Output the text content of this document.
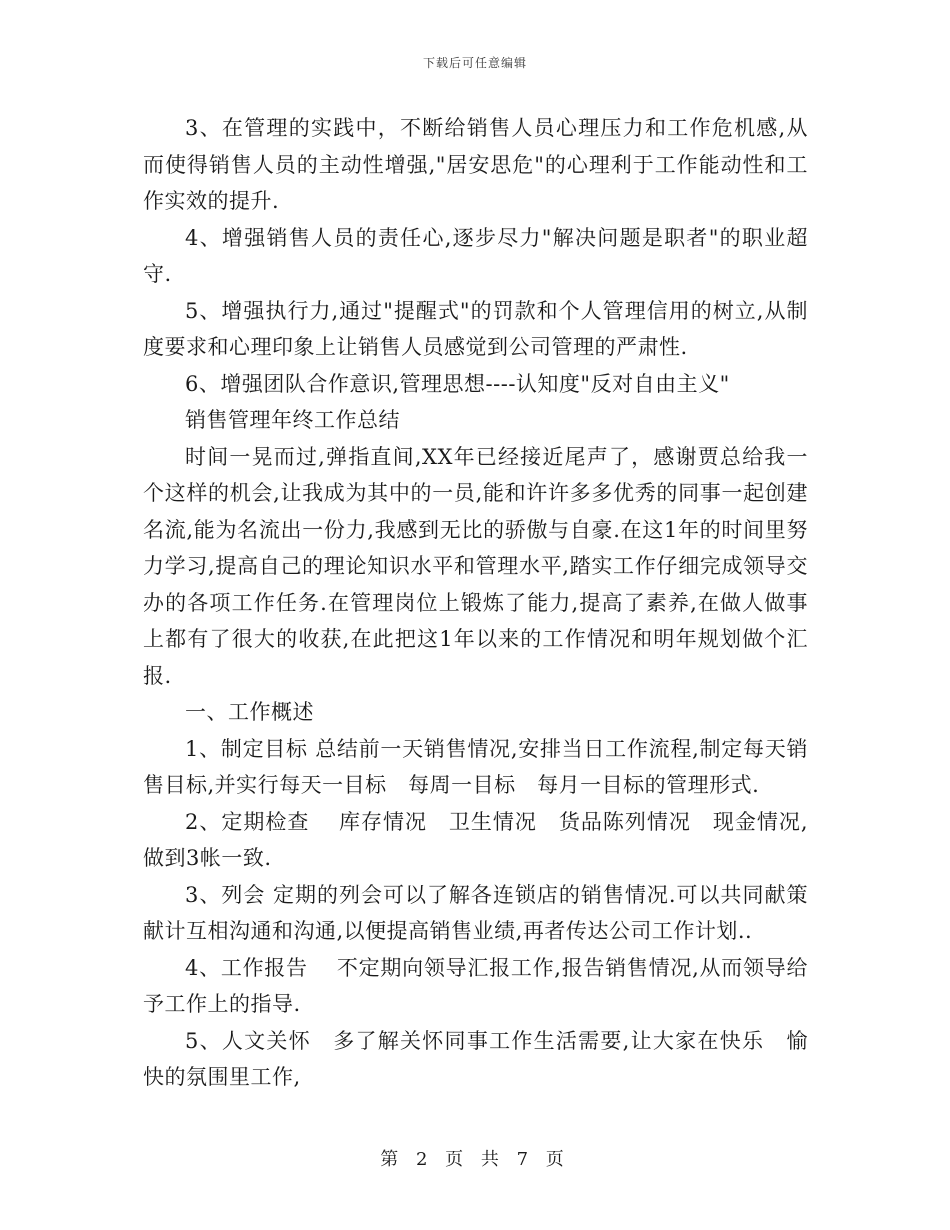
下载后可任意编辑

3、在管理的实践中，不断给销售人员心理压力和工作危机感,从而使得销售人员的主动性增强,"居安思危"的心理利于工作能动性和工作实效的提升.

4、增强销售人员的责任心,逐步尽力"解决问题是职者"的职业超守.

5、增强执行力,通过"提醒式"的罚款和个人管理信用的树立,从制度要求和心理印象上让销售人员感觉到公司管理的严肃性.

6、增强团队合作意识,管理思想----认知度"反对自由主义"

销售管理年终工作总结

时间一晃而过,弹指直间,XX年已经接近尾声了，感谢贾总给我一个这样的机会,让我成为其中的一员,能和许许多多优秀的同事一起创建名流,能为名流出一份力,我感到无比的骄傲与自豪.在这1年的时间里努力学习,提高自己的理论知识水平和管理水平,踏实工作仔细完成领导交办的各项工作任务.在管理岗位上锻炼了能力,提高了素养,在做人做事上都有了很大的收获,在此把这1年以来的工作情况和明年规划做个汇报.

一、工作概述

1、制定目标 总结前一天销售情况,安排当日工作流程,制定每天销售目标,并实行每天一目标　每周一目标　每月一目标的管理形式.

2、定期检查　 库存情况　卫生情况　货品陈列情况　现金情况,做到3帐一致.

3、列会 定期的列会可以了解各连锁店的销售情况.可以共同献策献计互相沟通和沟通,以便提高销售业绩,再者传达公司工作计划..

4、工作报告　 不定期向领导汇报工作,报告销售情况,从而领导给予工作上的指导.

5、人文关怀　多了解关怀同事工作生活需要,让大家在快乐　愉快的氛围里工作,

第 2 页 共 7 页
